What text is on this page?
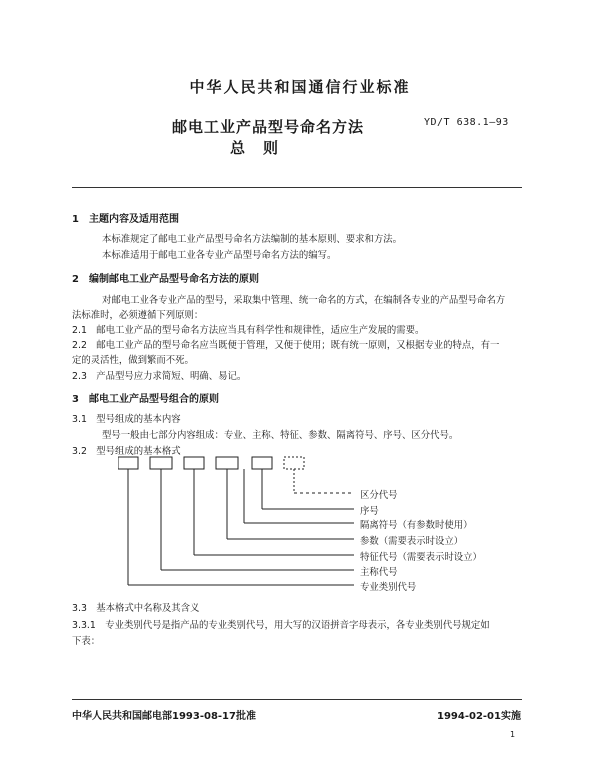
中华人民共和国通信行业标准
邮电工业产品型号命名方法
总则
YD/T 638.1—93
1　主题内容及适用范围
本标准规定了邮电工业产品型号命名方法编制的基本原则、要求和方法。
本标准适用于邮电工业各专业产品型号命名方法的编写。
2　编制邮电工业产品型号命名方法的原则
对邮电工业各专业产品的型号，采取集中管理、统一命名的方式，在编制各专业的产品型号命名方
法标准时，必须遵循下列原则：
2.1　邮电工业产品的型号命名方法应当具有科学性和规律性，适应生产发展的需要。
2.2　邮电工业产品的型号命名应当既便于管理，又便于使用；既有统一原则，又根据专业的特点，有一
定的灵活性，做到繁而不死。
2.3　产品型号应力求简短、明确、易记。
3　邮电工业产品型号组合的原则
3.1　型号组成的基本内容
型号一般由七部分内容组成：专业、主称、特征、参数、隔离符号、序号、区分代号。
3.2　型号组成的基本格式
区分代号
序号
隔离符号（有参数时使用）
参数（需要表示时设立）
特征代号（需要表示时设立）
主称代号
专业类别代号
3.3　基本格式中名称及其含义
3.3.1　专业类别代号是指产品的专业类别代号，用大写的汉语拼音字母表示，各专业类别代号规定如
下表：
中华人民共和国邮电部1993-08-17批准	1994-02-01实施
1
